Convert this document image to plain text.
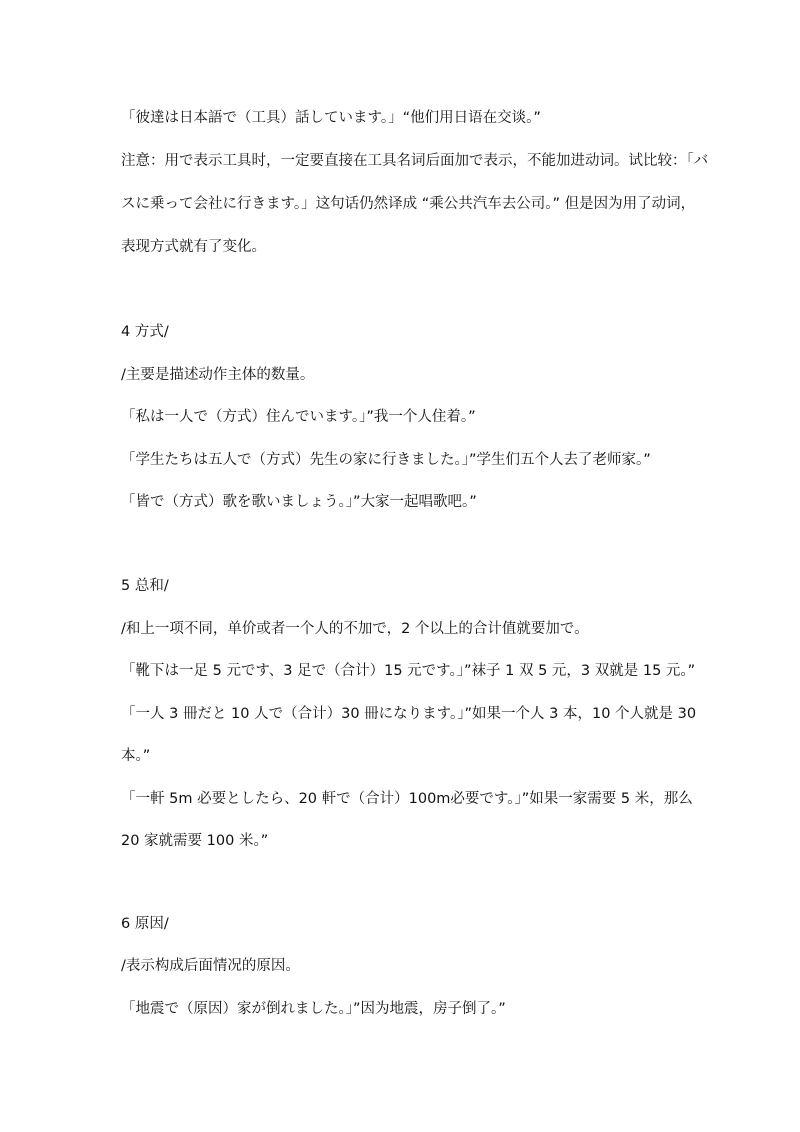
「彼達は日本語で（工具）話しています。」“他们用日语在交谈。”
注意：用で表示工具时，一定要直接在工具名词后面加で表示，不能加进动词。试比较：「バ
スに乗って会社に行きます。」这句话仍然译成 “乘公共汽车去公司。” 但是因为用了动词，
表现方式就有了变化。
4 方式/
/主要是描述动作主体的数量。
「私は一人で（方式）住んでいます。」”我一个人住着。”
「学生たちは五人で（方式）先生の家に行きました。」”学生们五个人去了老师家。”
「皆で（方式）歌を歌いましょう。」”大家一起唱歌吧。”
5 总和/
/和上一项不同，单价或者一个人的不加で，2 个以上的合计值就要加で。
「靴下は一足 5 元です、3 足で（合计）15 元です。」”袜子 1 双 5 元，3 双就是 15 元。”
「一人 3 冊だと 10 人で（合计）30 冊になります。」”如果一个人 3 本，10 个人就是 30
本。”
「一軒 5m 必要としたら、20 軒で（合计）100m必要です。」”如果一家需要 5 米，那么
20 家就需要 100 米。”
6 原因/
/表示构成后面情况的原因。
「地震で（原因）家が倒れました。」”因为地震，房子倒了。”
